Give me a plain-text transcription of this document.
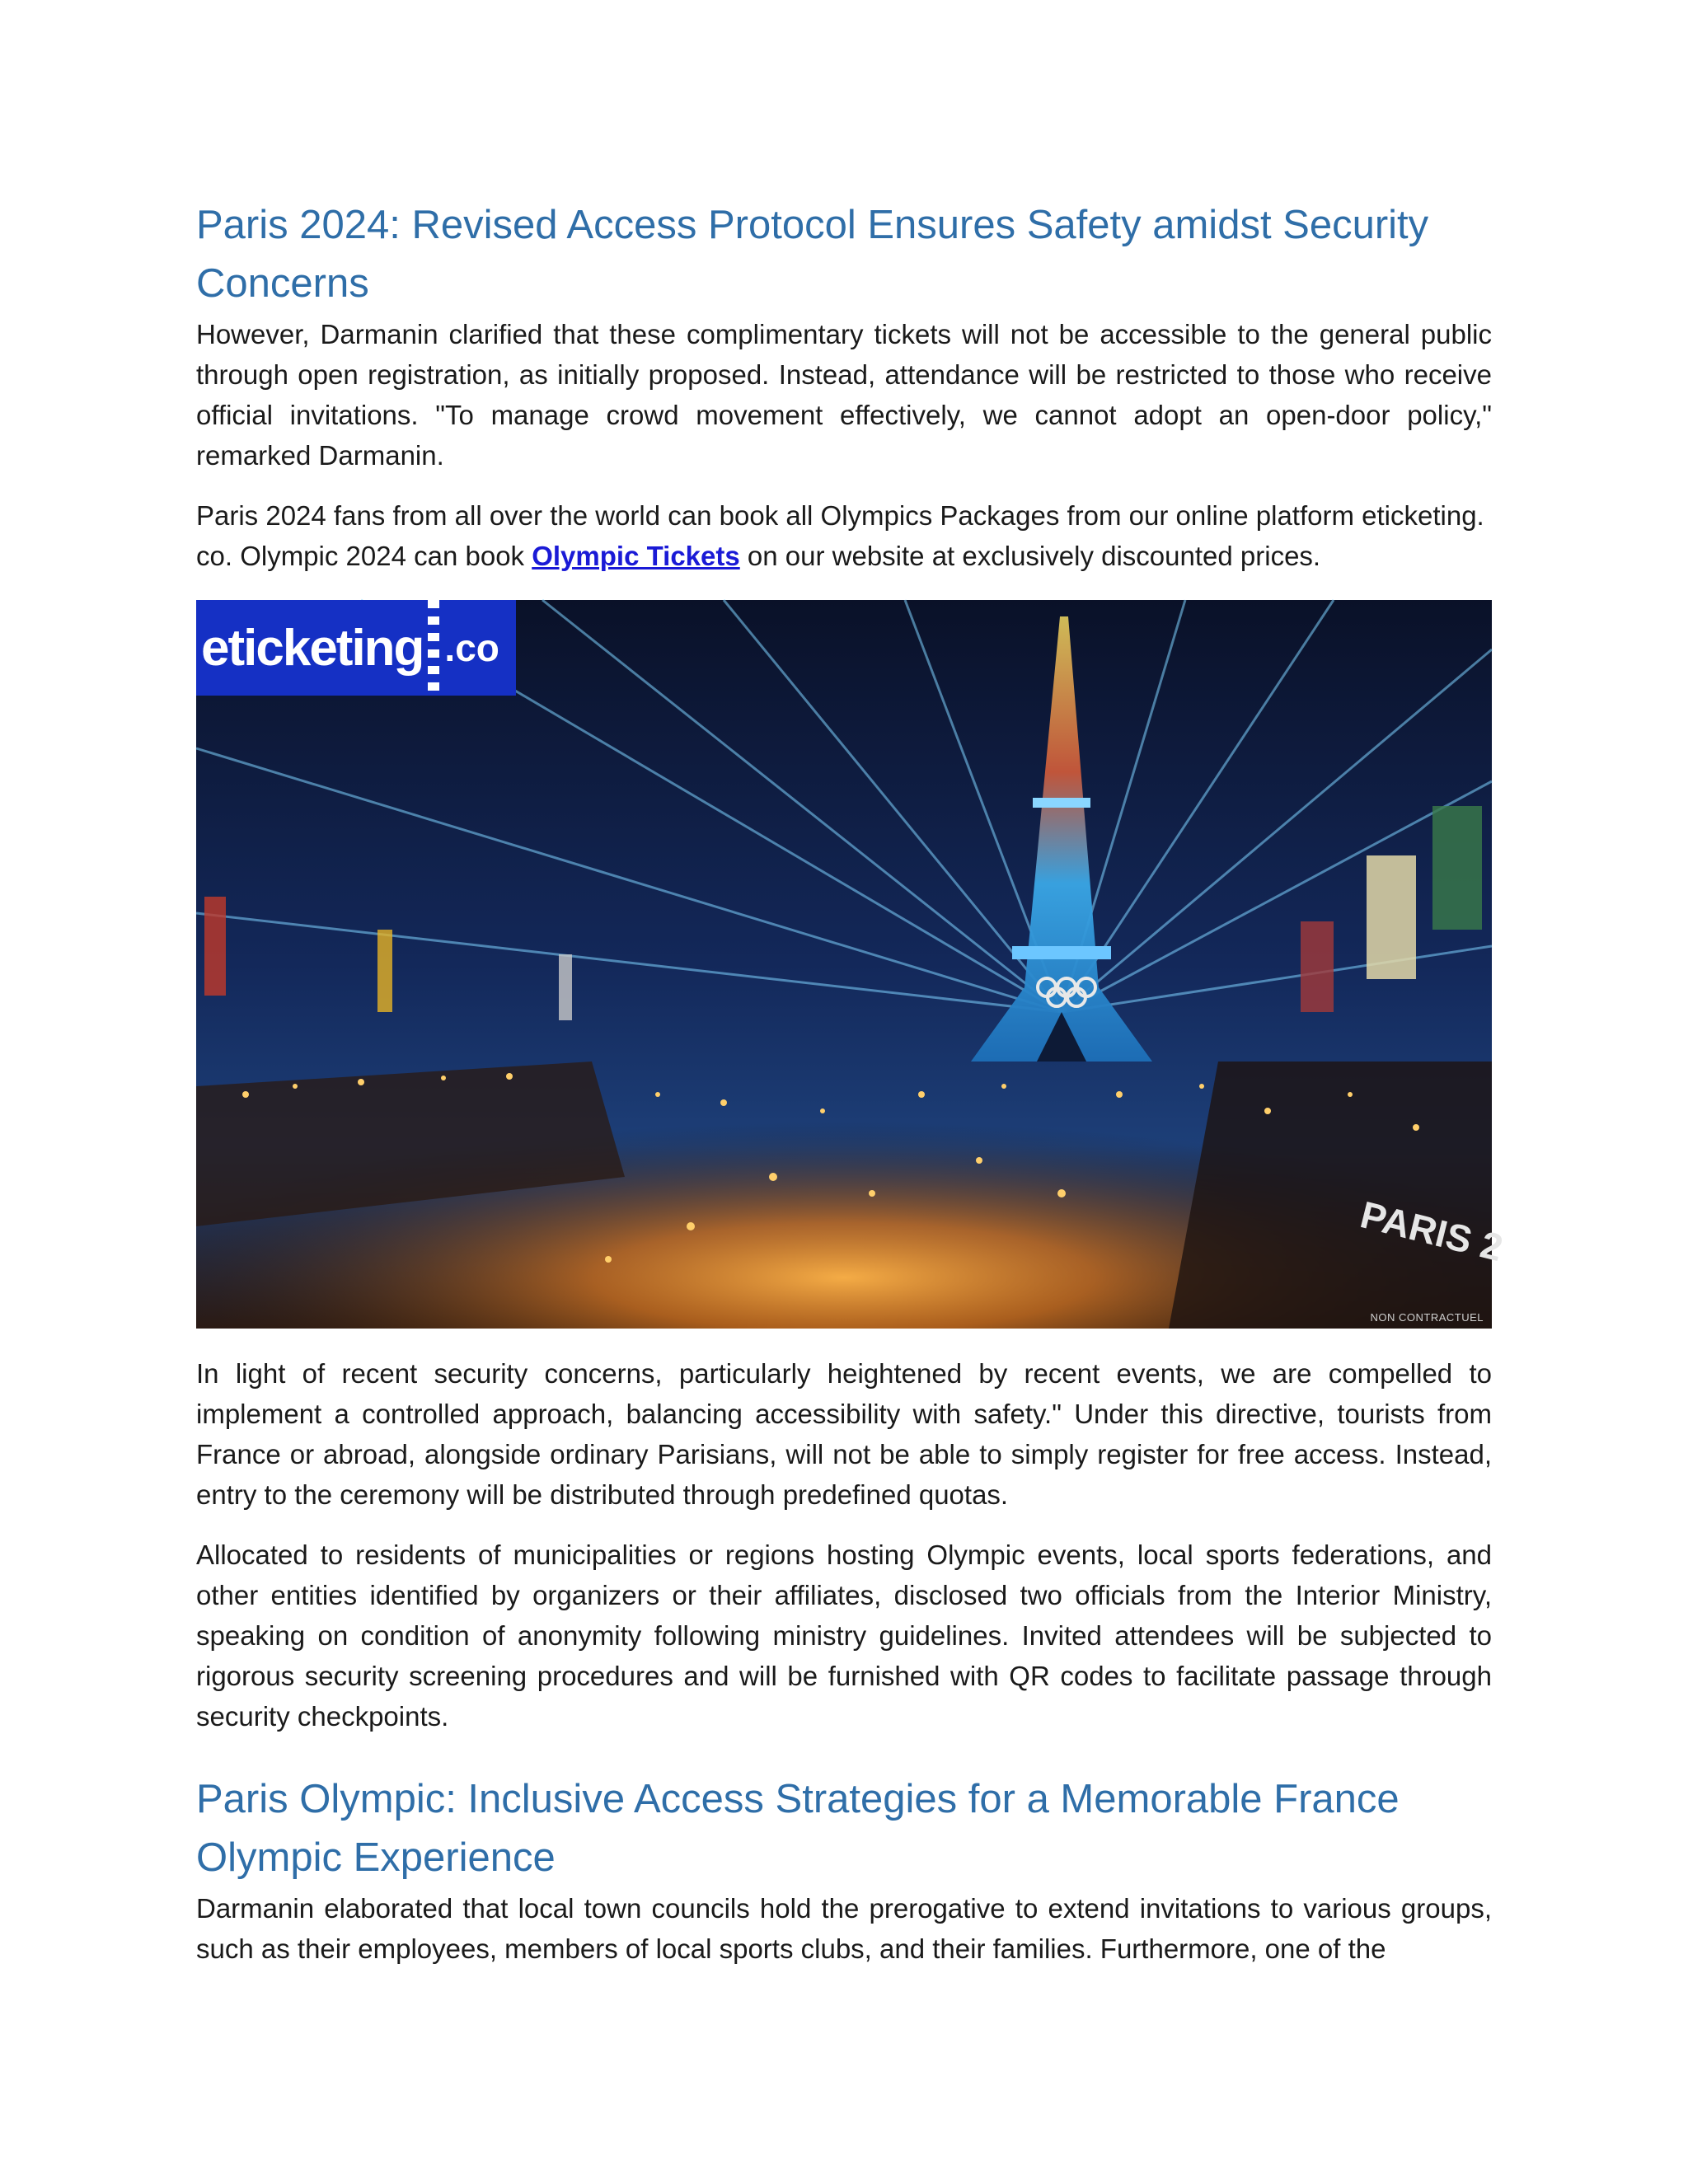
Paris 2024: Revised Access Protocol Ensures Safety amidst Security Concerns

However, Darmanin clarified that these complimentary tickets will not be accessible to the general public through open registration, as initially proposed. Instead, attendance will be restricted to those who receive official invitations. "To manage crowd movement effectively, we cannot adopt an open-door policy," remarked Darmanin.

Paris 2024 fans from all over the world can book all Olympics Packages from our online platform eticketing. co. Olympic 2024 can book Olympic Tickets on our website at exclusively discounted prices.

PARIS 2
eticketing .co
NON CONTRACTUEL

In light of recent security concerns, particularly heightened by recent events, we are compelled to implement a controlled approach, balancing accessibility with safety." Under this directive, tourists from France or abroad, alongside ordinary Parisians, will not be able to simply register for free access. Instead, entry to the ceremony will be distributed through predefined quotas.

Allocated to residents of municipalities or regions hosting Olympic events, local sports federations, and other entities identified by organizers or their affiliates, disclosed two officials from the Interior Ministry, speaking on condition of anonymity following ministry guidelines. Invited attendees will be subjected to rigorous security screening procedures and will be furnished with QR codes to facilitate passage through security checkpoints.

Paris Olympic: Inclusive Access Strategies for a Memorable France Olympic Experience

Darmanin elaborated that local town councils hold the prerogative to extend invitations to various groups, such as their employees, members of local sports clubs, and their families. Furthermore, one of the
